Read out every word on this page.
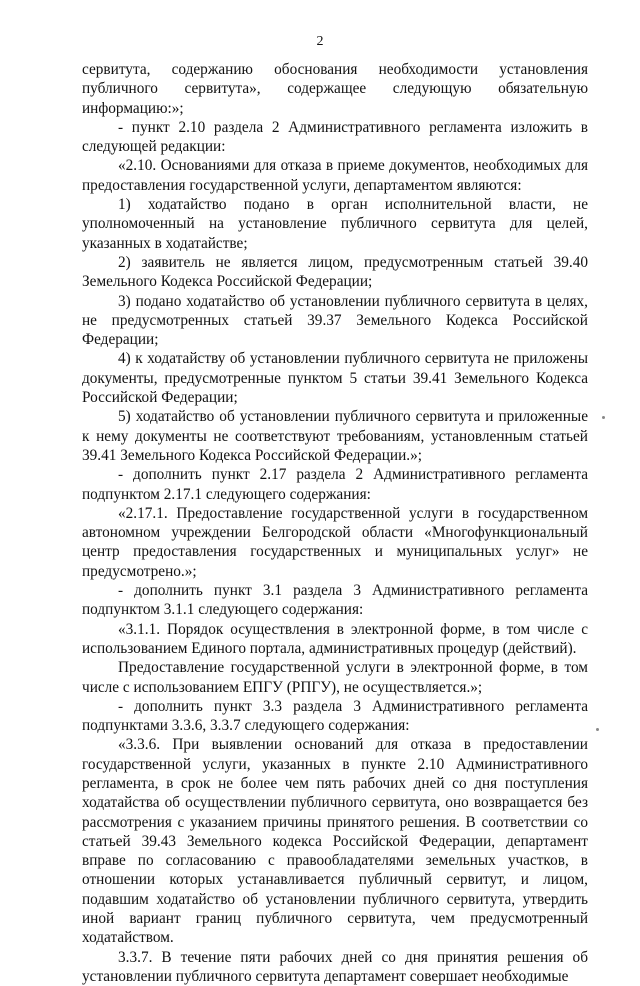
2

сервитута, содержанию обоснования необходимости установления публичного сервитута», содержащее следующую обязательную информацию:»;

- пункт 2.10 раздела 2 Административного регламента изложить в следующей редакции:

«2.10. Основаниями для отказа в приеме документов, необходимых для предоставления государственной услуги, департаментом являются:

1) ходатайство подано в орган исполнительной власти, не уполномоченный на установление публичного сервитута для целей, указанных в ходатайстве;

2) заявитель не является лицом, предусмотренным статьей 39.40 Земельного Кодекса Российской Федерации;

3) подано ходатайство об установлении публичного сервитута в целях, не предусмотренных статьей 39.37 Земельного Кодекса Российской Федерации;

4) к ходатайству об установлении публичного сервитута не приложены документы, предусмотренные пунктом 5 статьи 39.41 Земельного Кодекса Российской Федерации;

5) ходатайство об установлении публичного сервитута и приложенные к нему документы не соответствуют требованиям, установленным статьей 39.41 Земельного Кодекса Российской Федерации.»;

- дополнить пункт 2.17 раздела 2 Административного регламента подпунктом 2.17.1 следующего содержания:

«2.17.1. Предоставление государственной услуги в государственном автономном учреждении Белгородской области «Многофункциональный центр предоставления государственных и муниципальных услуг» не предусмотрено.»;

- дополнить пункт 3.1 раздела 3 Административного регламента подпунктом 3.1.1 следующего содержания:

«3.1.1. Порядок осуществления в электронной форме, в том числе с использованием Единого портала, административных процедур (действий).

Предоставление государственной услуги в электронной форме, в том числе с использованием ЕПГУ (РПГУ), не осуществляется.»;

- дополнить пункт 3.3 раздела 3 Административного регламента подпунктами 3.3.6, 3.3.7 следующего содержания:

«3.3.6. При выявлении оснований для отказа в предоставлении государственной услуги, указанных в пункте 2.10 Административного регламента, в срок не более чем пять рабочих дней со дня поступления ходатайства об осуществлении публичного сервитута, оно возвращается без рассмотрения с указанием причины принятого решения. В соответствии со статьей 39.43 Земельного кодекса Российской Федерации, департамент вправе по согласованию с правообладателями земельных участков, в отношении которых устанавливается публичный сервитут, и лицом, подавшим ходатайство об установлении публичного сервитута, утвердить иной вариант границ публичного сервитута, чем предусмотренный ходатайством.

3.3.7. В течение пяти рабочих дней со дня принятия решения об установлении публичного сервитута департамент совершает необходимые
